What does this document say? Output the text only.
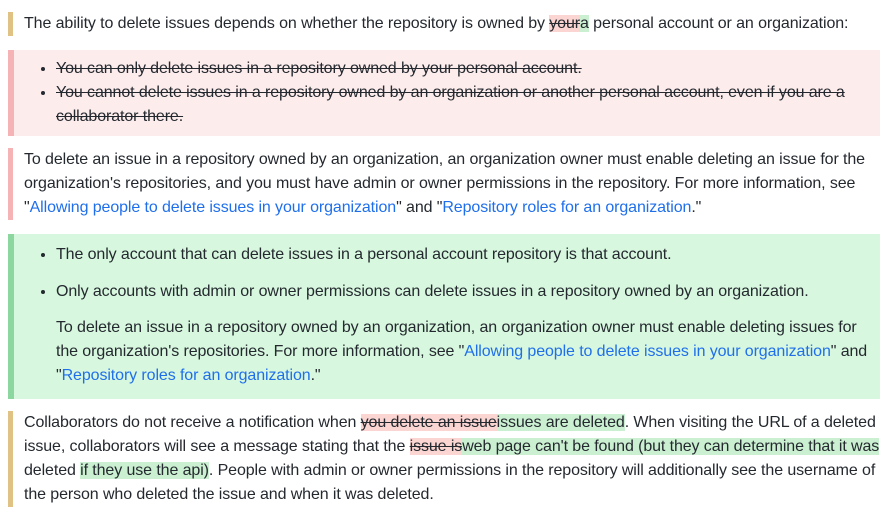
The ability to delete issues depends on whether the repository is owned by youra personal account or an organization:

• You can only delete issues in a repository owned by your personal account.
• You cannot delete issues in a repository owned by an organization or another personal account, even if you are a collaborator there.

To delete an issue in a repository owned by an organization, an organization owner must enable deleting an issue for the organization's repositories, and you must have admin or owner permissions in the repository. For more information, see "Allowing people to delete issues in your organization" and "Repository roles for an organization."

• The only account that can delete issues in a personal account repository is that account.
• Only accounts with admin or owner permissions can delete issues in a repository owned by an organization.

To delete an issue in a repository owned by an organization, an organization owner must enable deleting issues for the organization's repositories. For more information, see "Allowing people to delete issues in your organization" and "Repository roles for an organization."

Collaborators do not receive a notification when you delete an issueissues are deleted. When visiting the URL of a deleted issue, collaborators will see a message stating that the issue isweb page can't be found (but they can determine that it was deleted if they use the api). People with admin or owner permissions in the repository will additionally see the username of the person who deleted the issue and when it was deleted.
